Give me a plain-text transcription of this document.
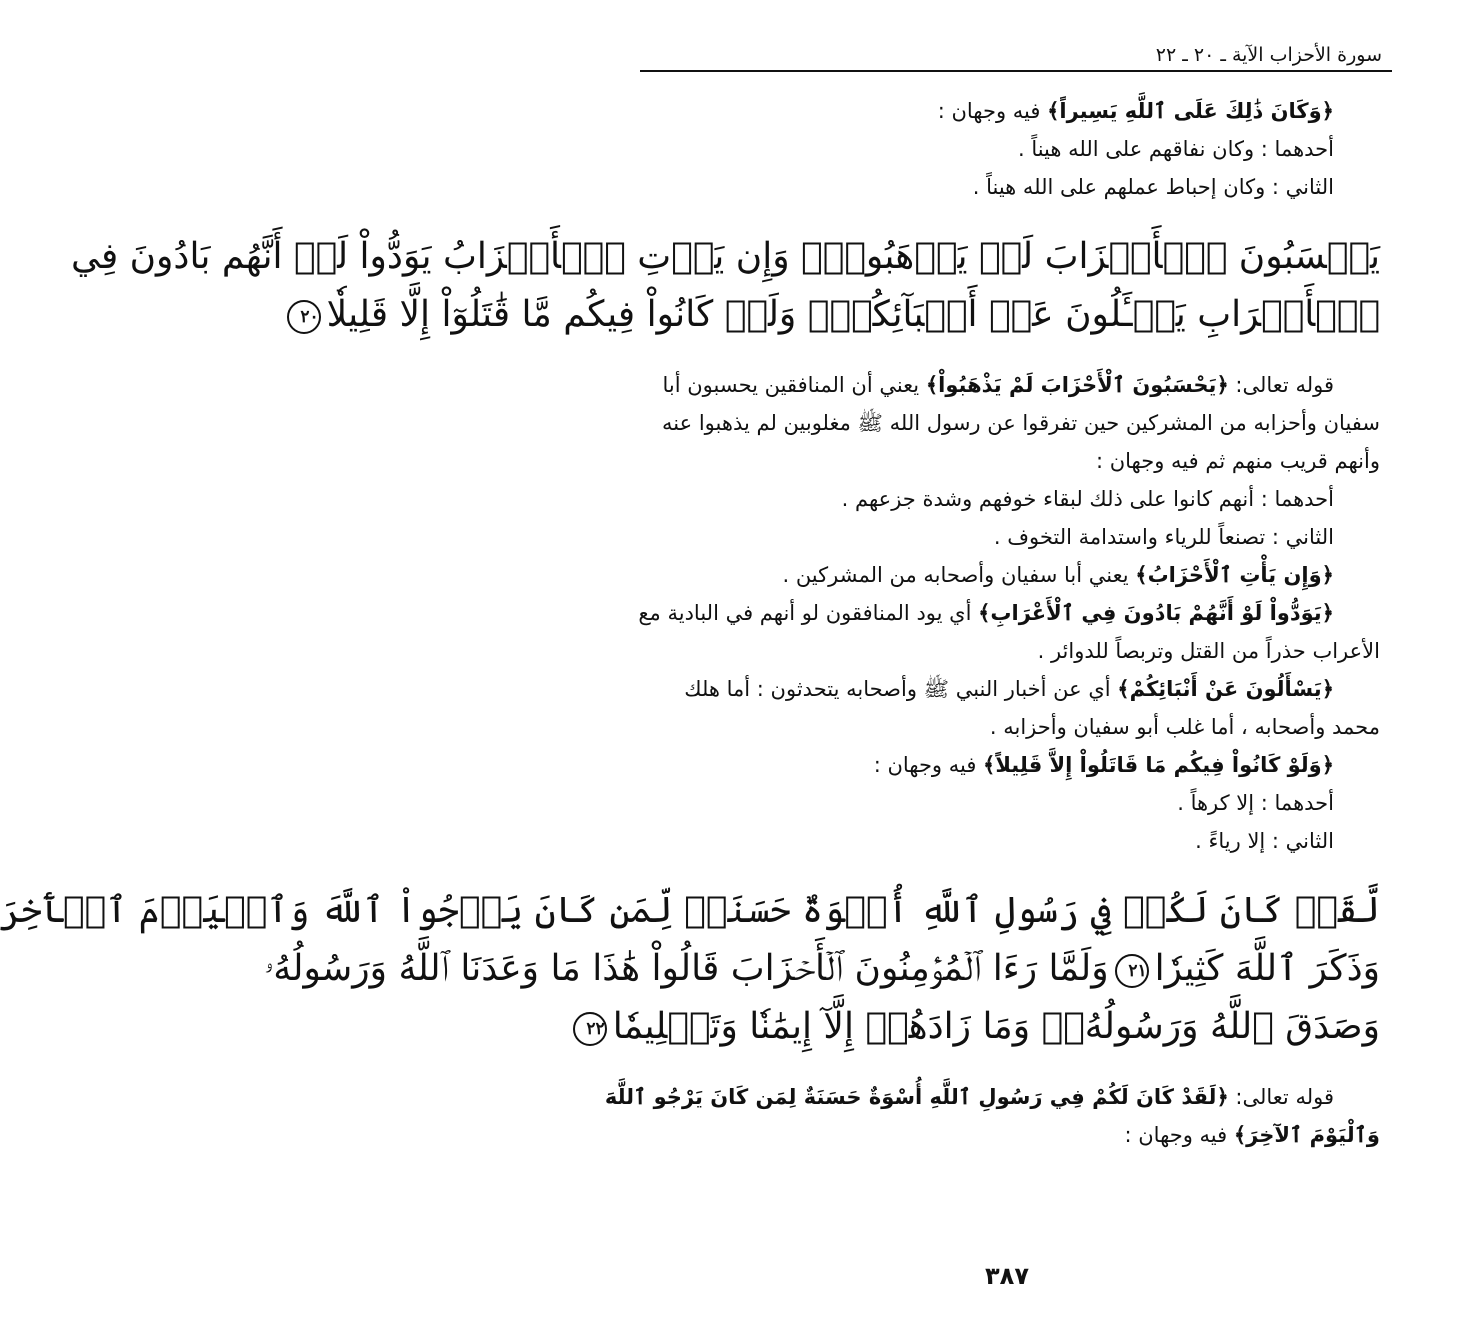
سورة الأحزاب الآية ـ ٢٠ ـ ٢٢
﴿وَكَانَ ذَٰلِكَ عَلَى ٱللَّهِ يَسِيراً﴾ فيه وجهان :
أحدهما : وكان نفاقهم على الله هيناً .
الثاني : وكان إحباط عملهم على الله هيناً .
يَحۡسَبُونَ ٱلۡأَحۡزَابَ لَمۡ يَذۡهَبُواْۖ وَإِن يَأۡتِ ٱلۡأَحۡزَابُ يَوَدُّواْ لَوۡ أَنَّهُم بَادُونَ فِي
ٱلۡأَعۡرَابِ يَسۡـَٔلُونَ عَنۡ أَنۢبَآئِكُمۡۖ وَلَوۡ كَانُواْ فِيكُم مَّا قَٰتَلُوٓاْ إِلَّا قَلِيلٗا٢٠
قوله تعالى: ﴿يَحْسَبُونَ ٱلْأَحْزَابَ لَمْ يَذْهَبُواْ﴾ يعني أن المنافقين يحسبون أبا
سفيان وأحزابه من المشركين حين تفرقوا عن رسول الله ﷺ مغلوبين لم يذهبوا عنه
وأنهم قريب منهم ثم فيه وجهان :
أحدهما : أنهم كانوا على ذلك لبقاء خوفهم وشدة جزعهم .
الثاني : تصنعاً للرياء واستدامة التخوف .
﴿وَإِن يَأْتِ ٱلْأَحْزَابُ﴾ يعني أبا سفيان وأصحابه من المشركين .
﴿يَوَدُّواْ لَوْ أَنَّهُمْ بَادُونَ فِي ٱلْأَعْرَابِ﴾ أي يود المنافقون لو أنهم في البادية مع
الأعراب حذراً من القتل وتربصاً للدوائر .
﴿يَسْأَلُونَ عَنْ أَنْبَائِكُمْ﴾ أي عن أخبار النبي ﷺ وأصحابه يتحدثون : أما هلك
محمد وأصحابه ، أما غلب أبو سفيان وأحزابه .
﴿وَلَوْ كَانُواْ فِيكُم مَا قَاتَلُواْ إِلاَّ قَلِيلاً﴾ فيه وجهان :
أحدهما : إلا كرهاً .
الثاني : إلا رياءً .
لَّقَدۡ كَانَ لَكُمۡ فِي رَسُولِ ٱللَّهِ أُسۡوَةٌ حَسَنَةٞ لِّمَن كَانَ يَرۡجُواْ ٱللَّهَ وَٱلۡيَوۡمَ ٱلۡأٓخِرَ
وَذَكَرَ ٱللَّهَ كَثِيرٗا٢١وَلَمَّا رَءَا ٱلۡمُؤۡمِنُونَ ٱلۡأَحۡزَابَ قَالُواْ هَٰذَا مَا وَعَدَنَا ٱللَّهُ وَرَسُولُهُۥ
وَصَدَقَ ٱللَّهُ وَرَسُولُهُۥۚ وَمَا زَادَهُمۡ إِلَّآ إِيمَٰنٗا وَتَسۡلِيمٗا٢٢
قوله تعالى: ﴿لَقَدْ كَانَ لَكُمْ فِي رَسُولِ ٱللَّهِ أُسْوَةٌ حَسَنَةٌ لِمَن كَانَ يَرْجُو ٱللَّهَ
وَٱلْيَوْمَ ٱلآخِرَ﴾ فيه وجهان :
٣٨٧
